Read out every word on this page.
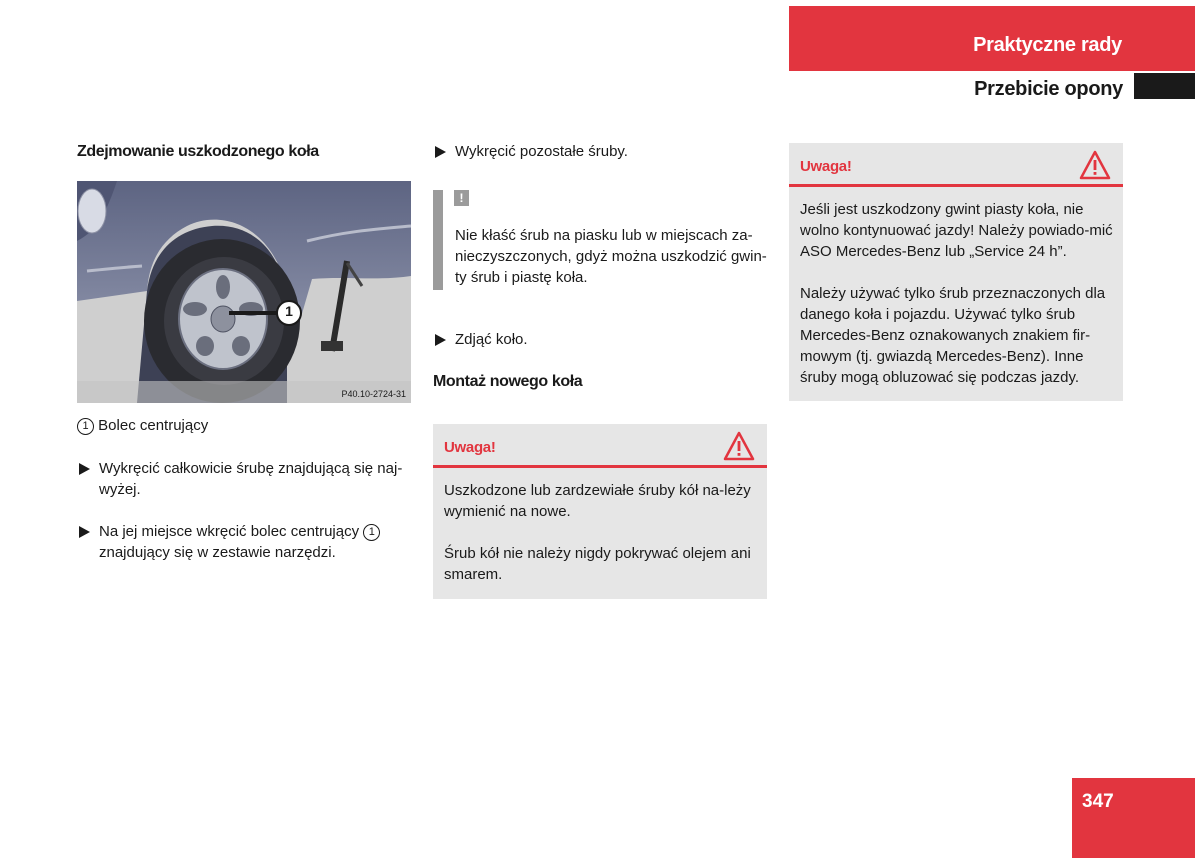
Praktyczne rady
Przebicie opony
Zdejmowanie uszkodzonego koła
1
P40.10-2724-31
1 Bolec centrujący
Wykręcić całkowicie śrubę znajdującą się naj-wyżej.
Na jej miejsce wkręcić bolec centrujący 1 znajdujący się w zestawie narzędzi.
Wykręcić pozostałe śruby.
!
Nie kłaść śrub na piasku lub w miejscach za-nieczyszczonych, gdyż można uszkodzić gwin-ty śrub i piastę koła.
Zdjąć koło.
Montaż nowego koła
Uwaga!

Uszkodzone lub zardzewiałe śruby kół na-leży wymienić na nowe.

Śrub kół nie należy nigdy pokrywać olejem ani smarem.

Uwaga!

Jeśli jest uszkodzony gwint piasty koła, nie wolno kontynuować jazdy! Należy powiado-mić ASO Mercedes-Benz lub „Service 24 h”.

Należy używać tylko śrub przeznaczonych dla danego koła i pojazdu. Używać tylko śrub Mercedes-Benz oznakowanych znakiem fir-mowym (tj. gwiazdą Mercedes-Benz). Inne śruby mogą obluzować się podczas jazdy.

347
